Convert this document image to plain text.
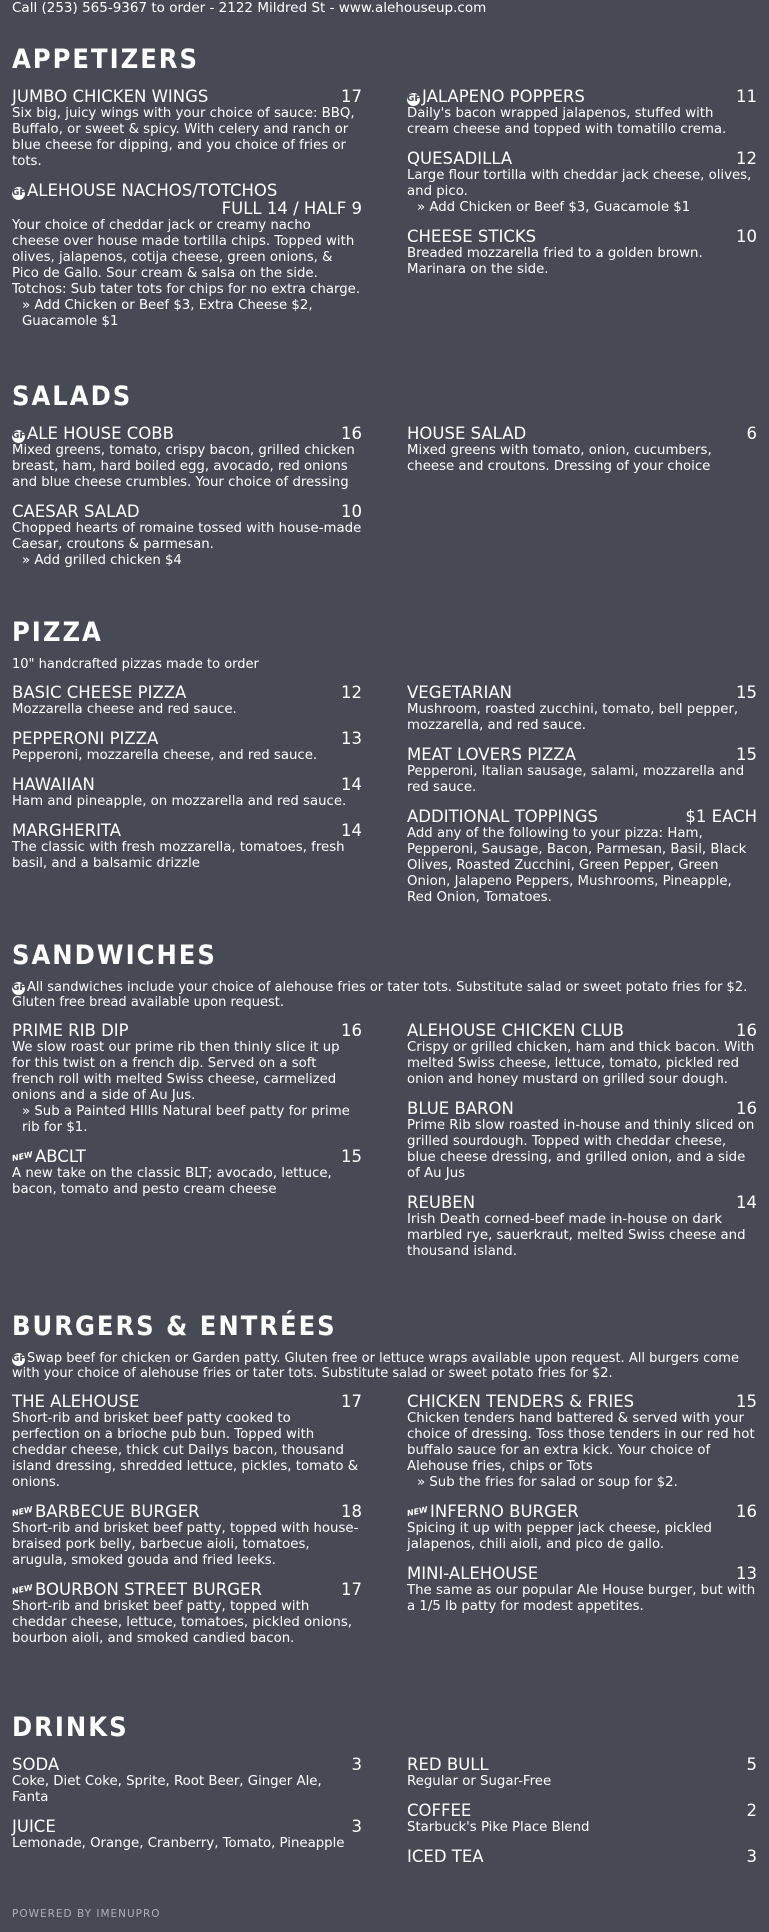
Call (253) 565-9367 to order - 2122 Mildred St - www.alehouseup.com
APPETIZERS
JUMBO CHICKEN WINGS	17
Six big, juicy wings with your choice of sauce: BBQ, Buffalo, or sweet & spicy. With celery and ranch or blue cheese for dipping, and you choice of fries or tots.
GFALEHOUSE NACHOS/TOTCHOS
FULL 14 / HALF 9
Your choice of cheddar jack or creamy nacho cheese over house made tortilla chips. Topped with olives, jalapenos, cotija cheese, green onions, & Pico de Gallo. Sour cream & salsa on the side. Totchos: Sub tater tots for chips for no extra charge.
» Add Chicken or Beef $3, Extra Cheese $2, Guacamole $1
GFJALAPENO POPPERS	11
Daily's bacon wrapped jalapenos, stuffed with cream cheese and topped with tomatillo crema.
QUESADILLA	12
Large flour tortilla with cheddar jack cheese, olives, and pico.
» Add Chicken or Beef $3, Guacamole $1
CHEESE STICKS	10
Breaded mozzarella fried to a golden brown. Marinara on the side.
SALADS
GFALE HOUSE COBB	16
Mixed greens, tomato, crispy bacon, grilled chicken breast, ham, hard boiled egg, avocado, red onions and blue cheese crumbles. Your choice of dressing
CAESAR SALAD	10
Chopped hearts of romaine tossed with house-made Caesar, croutons & parmesan.
» Add grilled chicken $4
HOUSE SALAD	6
Mixed greens with tomato, onion, cucumbers, cheese and croutons. Dressing of your choice
PIZZA
10" handcrafted pizzas made to order
BASIC CHEESE PIZZA	12
Mozzarella cheese and red sauce.
PEPPERONI PIZZA	13
Pepperoni, mozzarella cheese, and red sauce.
HAWAIIAN	14
Ham and pineapple, on mozzarella and red sauce.
MARGHERITA	14
The classic with fresh mozzarella, tomatoes, fresh basil, and a balsamic drizzle
VEGETARIAN	15
Mushroom, roasted zucchini, tomato, bell pepper, mozzarella, and red sauce.
MEAT LOVERS PIZZA	15
Pepperoni, Italian sausage, salami, mozzarella and red sauce.
ADDITIONAL TOPPINGS	$1 EACH
Add any of the following to your pizza: Ham, Pepperoni, Sausage, Bacon, Parmesan, Basil, Black Olives, Roasted Zucchini, Green Pepper, Green Onion, Jalapeno Peppers, Mushrooms, Pineapple, Red Onion, Tomatoes.
SANDWICHES
GFAll sandwiches include your choice of alehouse fries or tater tots. Substitute salad or sweet potato fries for $2. Gluten free bread available upon request.
PRIME RIB DIP	16
We slow roast our prime rib then thinly slice it up for this twist on a french dip. Served on a soft french roll with melted Swiss cheese, carmelized onions and a side of Au Jus.
» Sub a Painted HIlls Natural beef patty for prime rib for $1.
NEWABCLT	15
A new take on the classic BLT; avocado, lettuce, bacon, tomato and pesto cream cheese
ALEHOUSE CHICKEN CLUB	16
Crispy or grilled chicken, ham and thick bacon. With melted Swiss cheese, lettuce, tomato, pickled red onion and honey mustard on grilled sour dough.
BLUE BARON	16
Prime Rib slow roasted in-house and thinly sliced on grilled sourdough. Topped with cheddar cheese, blue cheese dressing, and grilled onion, and a side of Au Jus
REUBEN	14
Irish Death corned-beef made in-house on dark marbled rye, sauerkraut, melted Swiss cheese and thousand island.
BURGERS & ENTRÉES
GFSwap beef for chicken or Garden patty. Gluten free or lettuce wraps available upon request. All burgers come with your choice of alehouse fries or tater tots. Substitute salad or sweet potato fries for $2.
THE ALEHOUSE	17
Short-rib and brisket beef patty cooked to perfection on a brioche pub bun. Topped with cheddar cheese, thick cut Dailys bacon, thousand island dressing, shredded lettuce, pickles, tomato & onions.
NEWBARBECUE BURGER	18
Short-rib and brisket beef patty, topped with house-braised pork belly, barbecue aioli, tomatoes, arugula, smoked gouda and fried leeks.
NEWBOURBON STREET BURGER	17
Short-rib and brisket beef patty, topped with cheddar cheese, lettuce, tomatoes, pickled onions, bourbon aioli, and smoked candied bacon.
CHICKEN TENDERS & FRIES	15
Chicken tenders hand battered & served with your choice of dressing. Toss those tenders in our red hot buffalo sauce for an extra kick. Your choice of Alehouse fries, chips or Tots
» Sub the fries for salad or soup for $2.
NEWINFERNO BURGER	16
Spicing it up with pepper jack cheese, pickled jalapenos, chili aioli, and pico de gallo.
MINI-ALEHOUSE	13
The same as our popular Ale House burger, but with a 1/5 lb patty for modest appetites.
DRINKS
SODA	3
Coke, Diet Coke, Sprite, Root Beer, Ginger Ale, Fanta
JUICE	3
Lemonade, Orange, Cranberry, Tomato, Pineapple
RED BULL	5
Regular or Sugar-Free
COFFEE	2
Starbuck's Pike Place Blend
ICED TEA	3
POWERED BY IMENUPRO
